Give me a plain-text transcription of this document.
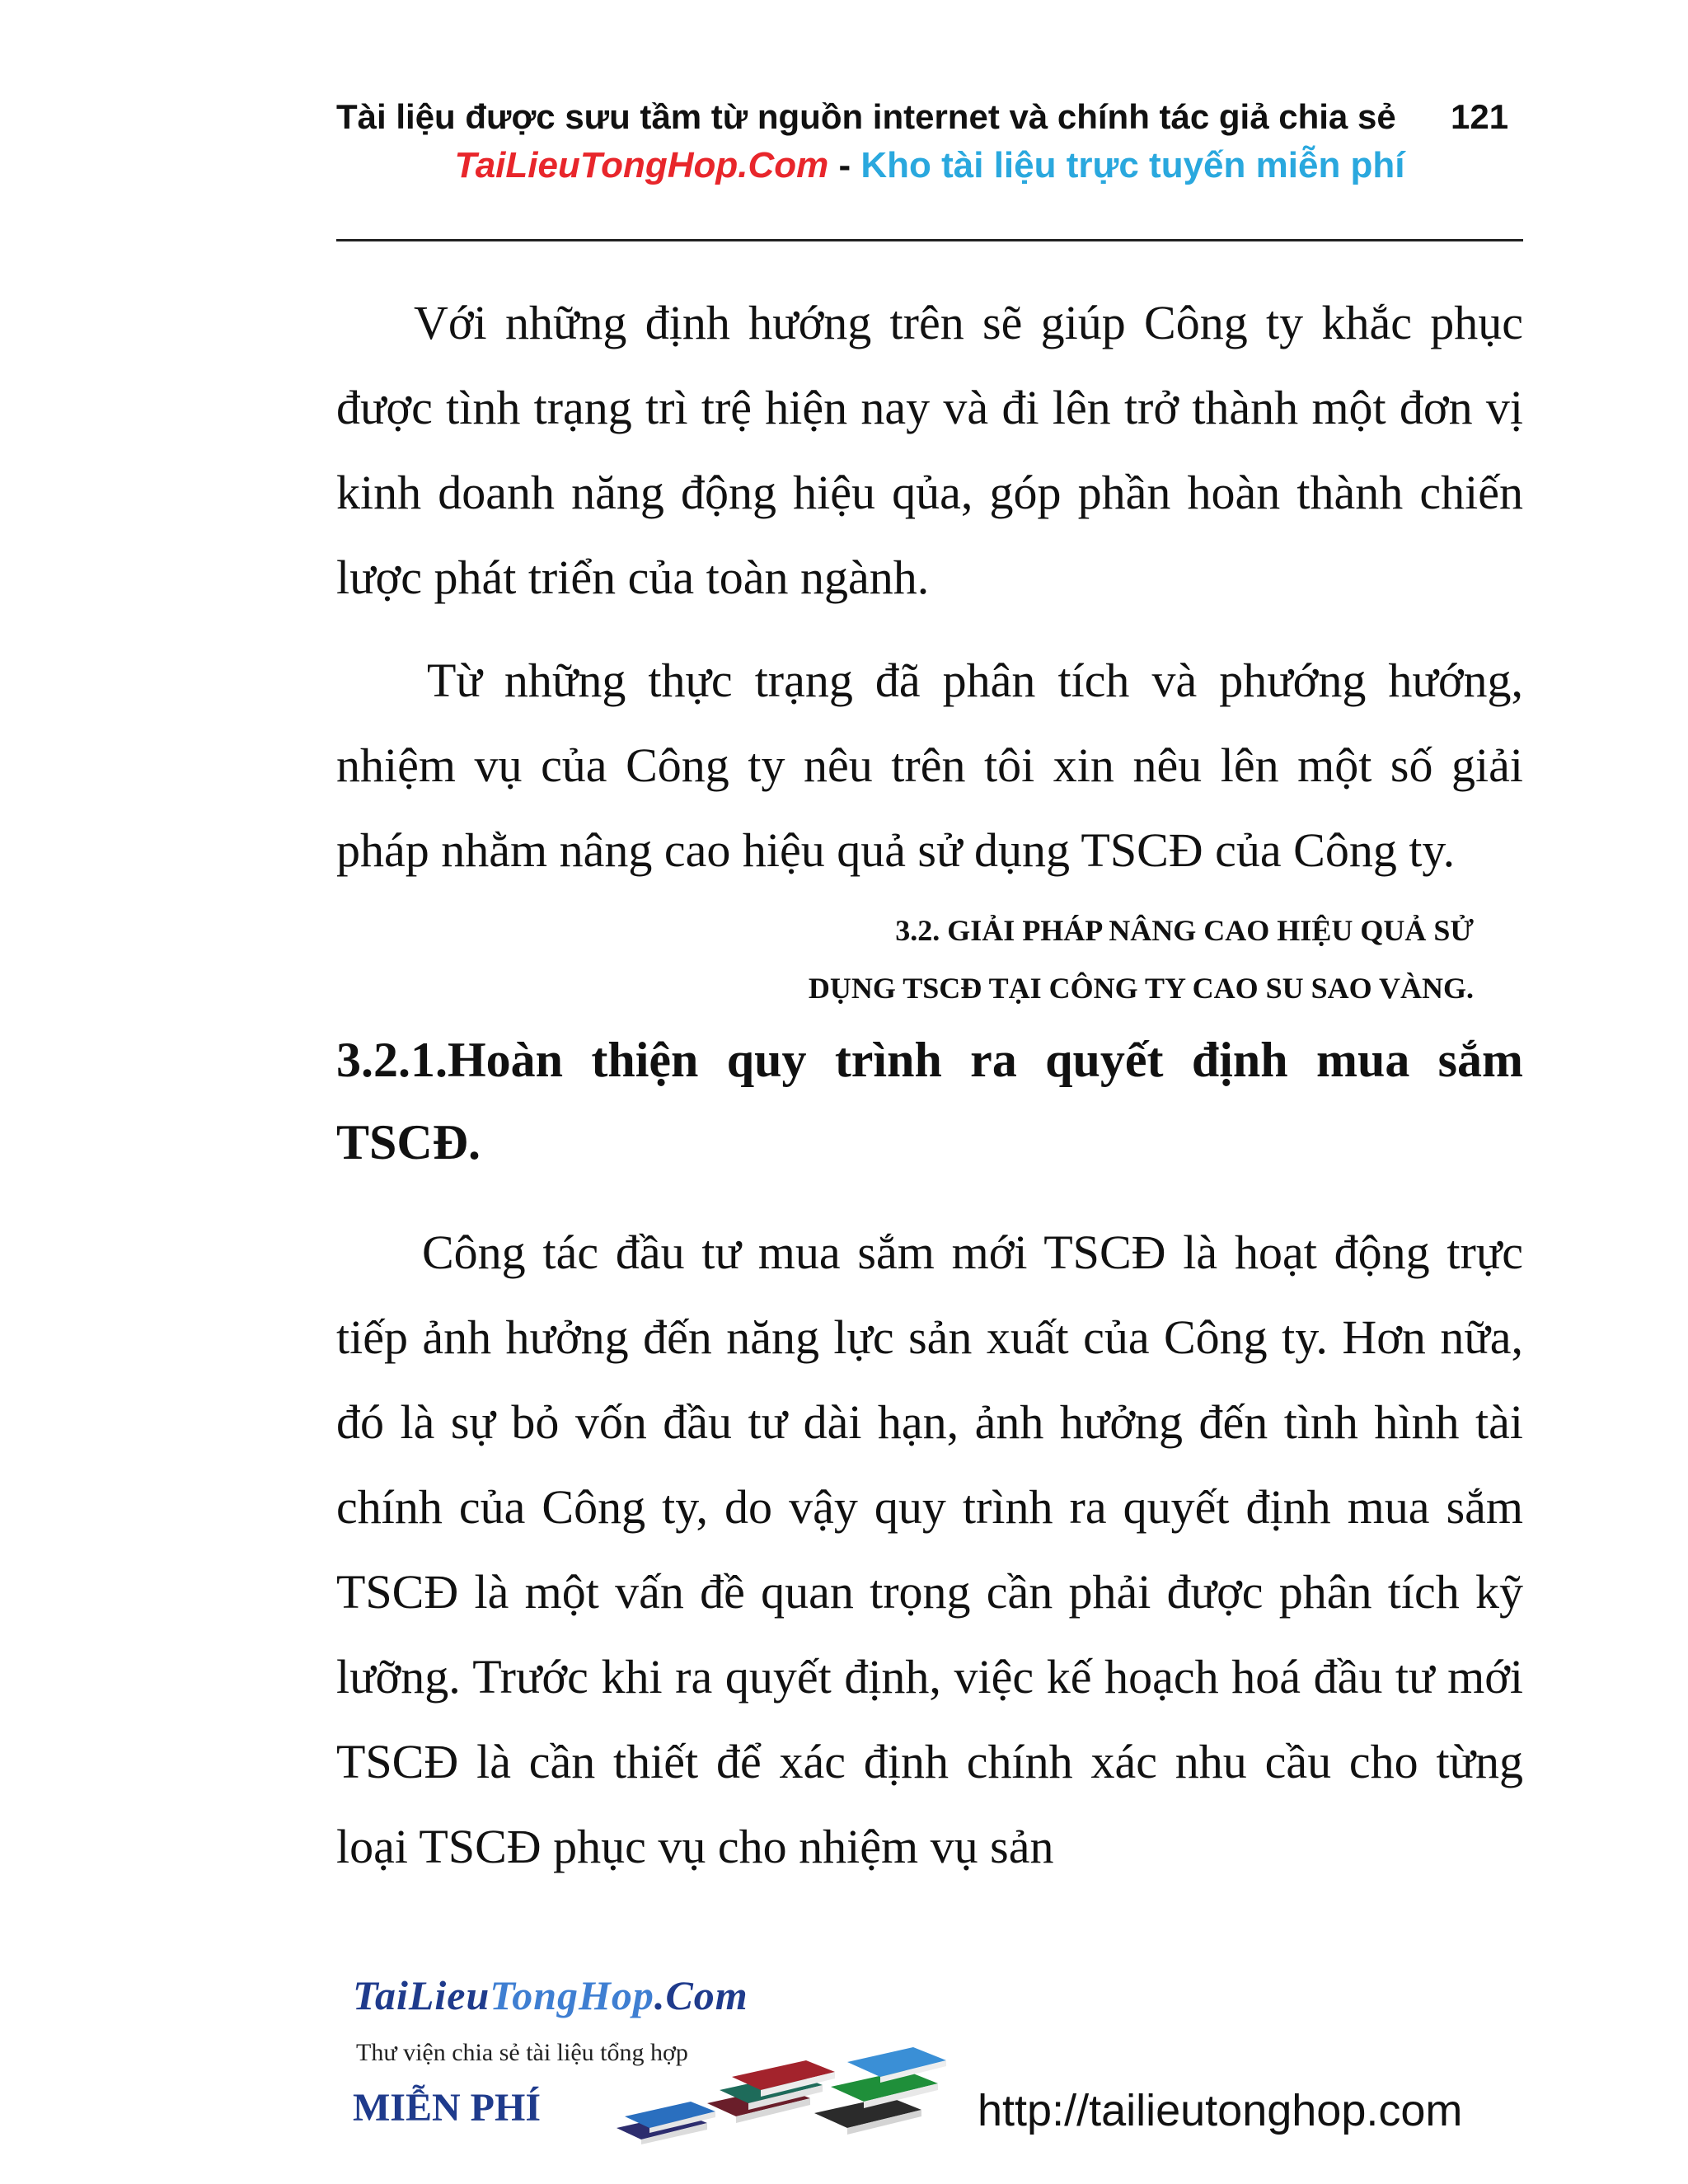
Tài liệu được sưu tầm từ nguồn internet và chính tác giả chia sẻ	121
TaiLieuTongHop.Com - Kho tài liệu trực tuyến miễn phí

Với những định hướng trên sẽ giúp Công ty khắc phục được tình trạng trì trệ hiện nay và đi lên trở thành một đơn vị kinh doanh năng động hiệu qủa, góp phần hoàn thành chiến lược phát triển của toàn ngành.

Từ những thực trạng đã phân tích và phướng hướng, nhiệm vụ của Công ty nêu trên tôi xin nêu lên một số giải pháp nhằm nâng cao hiệu quả sử dụng TSCĐ của Công ty.

3.2. GIẢI PHÁP NÂNG CAO HIỆU QUẢ SỬ
DỤNG TSCĐ TẠI CÔNG TY CAO SU SAO VÀNG.

3.2.1.Hoàn thiện quy trình ra quyết định mua sắm TSCĐ.

Công tác đầu tư mua sắm mới TSCĐ là hoạt động trực tiếp ảnh hưởng đến năng lực sản xuất của Công ty. Hơn nữa, đó là sự bỏ vốn đầu tư dài hạn, ảnh hưởng đến tình hình tài chính của Công ty, do vậy quy trình ra quyết định mua sắm TSCĐ là một vấn đề quan trọng cần phải được phân tích kỹ lưỡng. Trước khi ra quyết định, việc kế hoạch hoá đầu tư mới TSCĐ là cần thiết để xác định chính xác nhu cầu cho từng loại TSCĐ phục vụ cho nhiệm vụ sản

TaiLieuTongHop.Com
Thư viện chia sẻ tài liệu tổng hợp
MIỄN PHÍ	http://tailieutonghop.com
